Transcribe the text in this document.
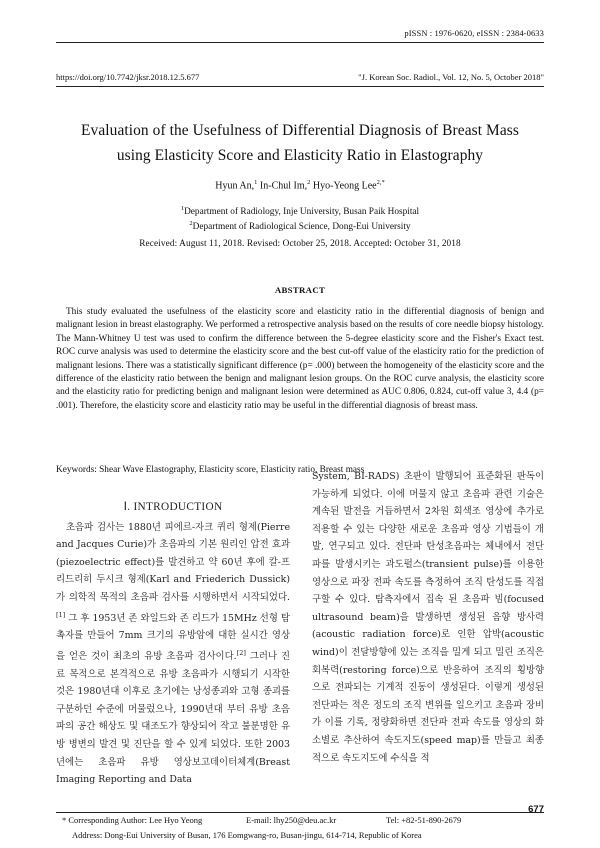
pISSN : 1976-0620, eISSN : 2384-0633
https://doi.org/10.7742/jksr.2018.12.5.677	"J. Korean Soc. Radiol., Vol. 12, No. 5, October 2018"
Evaluation of the Usefulness of Differential Diagnosis of Breast Mass
using Elasticity Score and Elasticity Ratio in Elastography
Hyun An,$^1$ In-Chul Im,$^2$ Hyo-Yeong Lee$^{2,*}$
$^1$Department of Radiology, Inje University, Busan Paik Hospital
$^2$Department of Radiological Science, Dong-Eui University
Received: August 11, 2018. Revised: October 25, 2018. Accepted: October 31, 2018
ABSTRACT

This study evaluated the usefulness of the elasticity score and elasticity ratio in the differential diagnosis of benign and malignant lesion in breast elastography. We performed a retrospective analysis based on the results of core needle biopsy histology. The Mann-Whitney U test was used to confirm the difference between the 5-degree elasticity score and the Fisher's Exact test. ROC curve analysis was used to determine the elasticity score and the best cut-off value of the elasticity ratio for the prediction of malignant lesions. There was a statistically significant difference (p= .000) between the homogeneity of the elasticity score and the difference of the elasticity ratio between the benign and malignant lesion groups. On the ROC curve analysis, the elasticity score and the elasticity ratio for predicting benign and malignant lesion were determined as AUC 0.806, 0.824, cut-off value 3, 4.4 (p= .001). Therefore, the elasticity score and elasticity ratio may be useful in the differential diagnosis of breast mass.

Keywords: Shear Wave Elastography, Elasticity score, Elasticity ratio, Breast mass
Ⅰ. INTRODUCTION

초음파 검사는 1880년 피에르-자크 퀴리 형제(Pierre and Jacques Curie)가 초음파의 기본 원리인 압전 효과(piezoelectric effect)를 발견하고 약 60년 후에 칼-프리드리히 두시크 형제(Karl and Friederich Dussick)가 의학적 목적의 초음파 검사를 시행하면서 시작되었다.[1] 그 후 1953년 존 와일드와 존 리드가 15MHz 선형 탐촉자를 만들어 7mm 크기의 유방암에 대한 실시간 영상을 얻은 것이 최초의 유방 초음파 검사이다.[2] 그러나 진료 목적으로 본격적으로 유방 초음파가 시행되기 시작한 것은 1980년대 이후로 초기에는 낭성종괴와 고형 종괴를 구분하던 수준에 머물렀으나, 1990년대 부터 유방 초음파의 공간 해상도 및 대조도가 향상되어 작고 불분명한 유방 병변의 발견 및 진단을 할 수 있게 되었다. 또한 2003년에는 초음파 유방 영상보고데이터체계(Breast Imaging Reporting and Data

System, BI-RADS) 초판이 발행되어 표준화된 판독이 가능하게 되었다. 이에 머물지 않고 초음파 관련 기술은 계속된 발전을 거듭하면서 2차원 회색조 영상에 추가로 적용할 수 있는 다양한 새로운 초음파 영상 기법들이 개발, 연구되고 있다. 전단파 탄성초음파는 체내에서 전단파를 발생시키는 과도펄스(transient pulse)를 이용한 영상으로 파장 전파 속도를 측정하여 조직 탄성도를 직접 구할 수 있다. 탐측자에서 집속 된 초음파 빔(focused ultrasound beam)을 발생하면 생성된 음향 방사력(acoustic radiation force)로 인한 압박(acoustic wind)이 전달방향에 있는 조직을 밀게 되고 밀린 조직은 회복력(restoring force)으로 반응하여 조직의 횡방향으로 전파되는 기계적 진동이 생성된다. 이렇게 생성된 전단파는 적은 정도의 조직 변위를 일으키고 초음파 장비가 이를 기록, 정량화하면 전단파 전파 속도를 영상의 화소별로 추산하여 속도지도(speed map)를 만들고 최종적으로 속도지도에 수식을 적

677
* Corresponding Author: Lee Hyo Yeong	E-mail: lhy250@deu.ac.kr	Tel: +82-51-890-2679
Address: Dong-Eui University of Busan, 176 Eomgwang-ro, Busan-jingu, 614-714, Republic of Korea
